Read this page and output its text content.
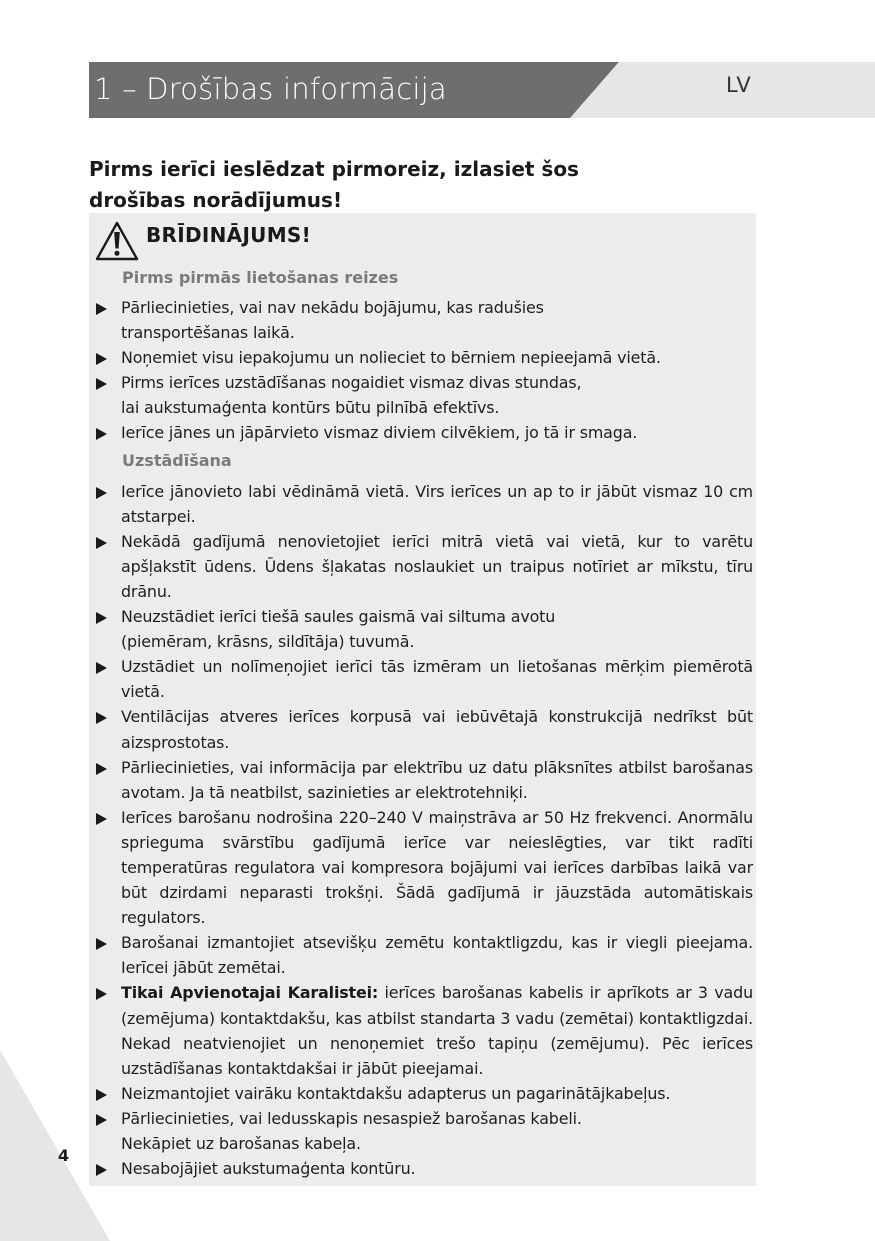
1 – Drošības informācija	LV
Pirms ierīci ieslēdzat pirmoreiz, izlasiet šos drošības norādījumus!
BRĪDINĀJUMS!

Pirms pirmās lietošanas reizes

Pārliecinieties, vai nav nekādu bojājumu, kas radušies
transportēšanas laikā.
Noņemiet visu iepakojumu un nolieciet to bērniem nepieejamā vietā.
Pirms ierīces uzstādīšanas nogaidiet vismaz divas stundas,
lai aukstumaģenta kontūrs būtu pilnībā efektīvs.
Ierīce jānes un jāpārvieto vismaz diviem cilvēkiem, jo tā ir smaga.

Uzstādīšana

Ierīce jānovieto labi vēdināmā vietā. Virs ierīces un ap to ir jābūt vismaz 10 cm atstarpei.
Nekādā gadījumā nenovietojiet ierīci mitrā vietā vai vietā, kur to varētu apšļakstīt ūdens. Ūdens šļakatas noslaukiet un traipus notīriet ar mīkstu, tīru drānu.
Neuzstādiet ierīci tiešā saules gaismā vai siltuma avotu
(piemēram, krāsns, sildītāja) tuvumā.
Uzstādiet un nolīmeņojiet ierīci tās izmēram un lietošanas mērķim piemērotā vietā.
Ventilācijas atveres ierīces korpusā vai iebūvētajā konstrukcijā nedrīkst būt aizsprostotas.
Pārliecinieties, vai informācija par elektrību uz datu plāksnītes atbilst barošanas avotam. Ja tā neatbilst, sazinieties ar elektrotehniķi.
Ierīces barošanu nodrošina 220–240 V maiņstrāva ar 50 Hz frekvenci. Anormālu sprieguma svārstību gadījumā ierīce var neieslēgties, var tikt radīti temperatūras regulatora vai kompresora bojājumi vai ierīces darbības laikā var būt dzirdami neparasti trokšņi. Šādā gadījumā ir jāuzstāda automātiskais regulators.
Barošanai izmantojiet atsevišķu zemētu kontaktligzdu, kas ir viegli pieejama. Ierīcei jābūt zemētai.
Tikai Apvienotajai Karalistei: ierīces barošanas kabelis ir aprīkots ar 3 vadu (zemējuma) kontaktdakšu, kas atbilst standarta 3 vadu (zemētai) kontaktligzdai. Nekad neatvienojiet un nenoņemiet trešo tapiņu (zemējumu). Pēc ierīces uzstādīšanas kontaktdakšai ir jābūt pieejamai.
Neizmantojiet vairāku kontaktdakšu adapterus un pagarinātājkabeļus.
Pārliecinieties, vai ledusskapis nesaspiež barošanas kabeli.
Nekāpiet uz barošanas kabeļa.
Nesabojājiet aukstumaģenta kontūru.
4
